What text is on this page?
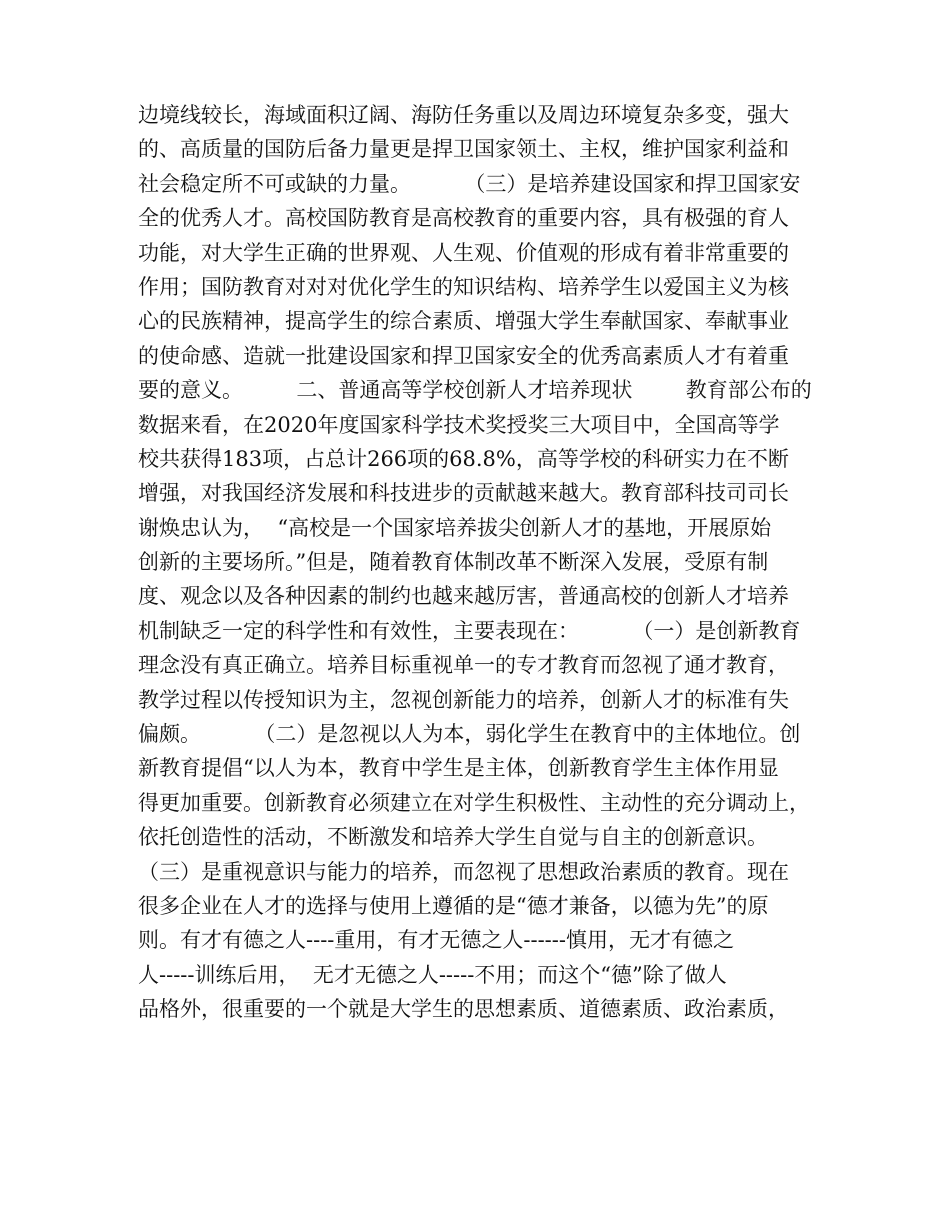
边境线较长，海域面积辽阔、海防任务重以及周边环境复杂多变，强大
的、高质量的国防后备力量更是捍卫国家领土、主权，维护国家利益和
社会稳定所不可或缺的力量。        （三）是培养建设国家和捍卫国家安
全的优秀人才。高校国防教育是高校教育的重要内容，具有极强的育人
功能，对大学生正确的世界观、人生观、价值观的形成有着非常重要的
作用；国防教育对对对优化学生的知识结构、培养学生以爱国主义为核
心的民族精神，提高学生的综合素质、增强大学生奉献国家、奉献事业
的使命感、造就一批建设国家和捍卫国家安全的优秀高素质人才有着重
要的意义。        二、普通高等学校创新人才培养现状        教育部公布的
数据来看，在2020年度国家科学技术奖授奖三大项目中，全国高等学
校共获得183项，占总计266项的68.8%，高等学校的科研实力在不断
增强，对我国经济发展和科技进步的贡献越来越大。教育部科技司司长
谢焕忠认为，  “高校是一个国家培养拔尖创新人才的基地，开展原始
创新的主要场所。”但是，随着教育体制改革不断深入发展，受原有制
度、观念以及各种因素的制约也越来越厉害，普通高校的创新人才培养
机制缺乏一定的科学性和有效性，主要表现在：        （一）是创新教育
理念没有真正确立。培养目标重视单一的专才教育而忽视了通才教育，
教学过程以传授知识为主，忽视创新能力的培养，创新人才的标准有失
偏颇。        （二）是忽视以人为本，弱化学生在教育中的主体地位。创
新教育提倡“以人为本，教育中学生是主体，创新教育学生主体作用显
得更加重要。创新教育必须建立在对学生积极性、主动性的充分调动上，
依托创造性的活动，不断激发和培养大学生自觉与自主的创新意识。
（三）是重视意识与能力的培养，而忽视了思想政治素质的教育。现在
很多企业在人才的选择与使用上遵循的是“德才兼备，以德为先”的原
则。有才有德之人----重用，有才无德之人------慎用，无才有德之
人-----训练后用，  无才无德之人-----不用；而这个“德”除了做人
品格外，很重要的一个就是大学生的思想素质、道德素质、政治素质，
